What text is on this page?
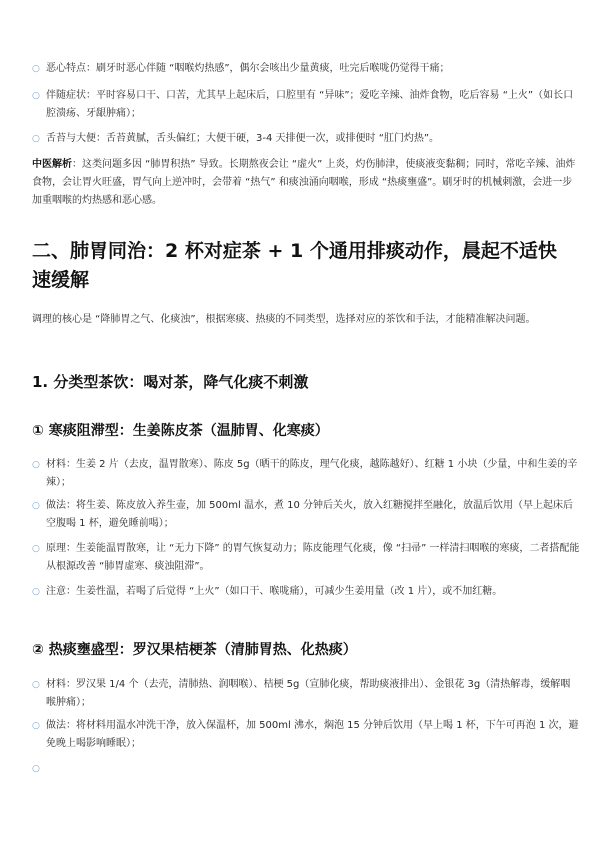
○ 恶心特点：刷牙时恶心伴随 “咽喉灼热感”，偶尔会咳出少量黄痰，吐完后喉咙仍觉得干痛；
○ 伴随症状：平时容易口干、口苦，尤其早上起床后，口腔里有 “异味”；爱吃辛辣、油炸食物，吃后容易 “上火”（如长口腔溃疡、牙龈肿痛）；
○ 舌苔与大便：舌苔黄腻，舌头偏红；大便干硬，3-4 天排便一次，或排便时 “肛门灼热”。
中医解析：这类问题多因 “肺胃积热” 导致。长期熬夜会让 “虚火” 上炎，灼伤肺津，使痰液变黏稠；同时，常吃辛辣、油炸食物，会让胃火旺盛，胃气向上逆冲时，会带着 “热气” 和痰浊涌向咽喉，形成 “热痰壅盛”。刷牙时的机械刺激，会进一步加重咽喉的灼热感和恶心感。
二、肺胃同治：2 杯对症茶 + 1 个通用排痰动作，晨起不适快速缓解
调理的核心是 “降肺胃之气、化痰浊”，根据寒痰、热痰的不同类型，选择对应的茶饮和手法，才能精准解决问题。
1. 分类型茶饮：喝对茶，降气化痰不刺激
① 寒痰阻滞型：生姜陈皮茶（温肺胃、化寒痰）
○ 材料：生姜 2 片（去皮，温胃散寒）、陈皮 5g（晒干的陈皮，理气化痰，越陈越好）、红糖 1 小块（少量，中和生姜的辛辣）；
○ 做法：将生姜、陈皮放入养生壶，加 500ml 温水，煮 10 分钟后关火，放入红糖搅拌至融化，放温后饮用（早上起床后空腹喝 1 杯，避免睡前喝）；
○ 原理：生姜能温胃散寒，让 “无力下降” 的胃气恢复动力；陈皮能理气化痰，像 “扫帚” 一样清扫咽喉的寒痰，二者搭配能从根源改善 “肺胃虚寒、痰浊阻滞”。
○ 注意：生姜性温，若喝了后觉得 “上火”（如口干、喉咙痛），可减少生姜用量（改 1 片），或不加红糖。
② 热痰壅盛型：罗汉果桔梗茶（清肺胃热、化热痰）
○ 材料：罗汉果 1/4 个（去壳，清肺热、润咽喉）、桔梗 5g（宣肺化痰，帮助痰液排出）、金银花 3g（清热解毒，缓解咽喉肿痛）；
○ 做法：将材料用温水冲洗干净，放入保温杯，加 500ml 沸水，焖泡 15 分钟后饮用（早上喝 1 杯，下午可再泡 1 次，避免晚上喝影响睡眠）；
○
